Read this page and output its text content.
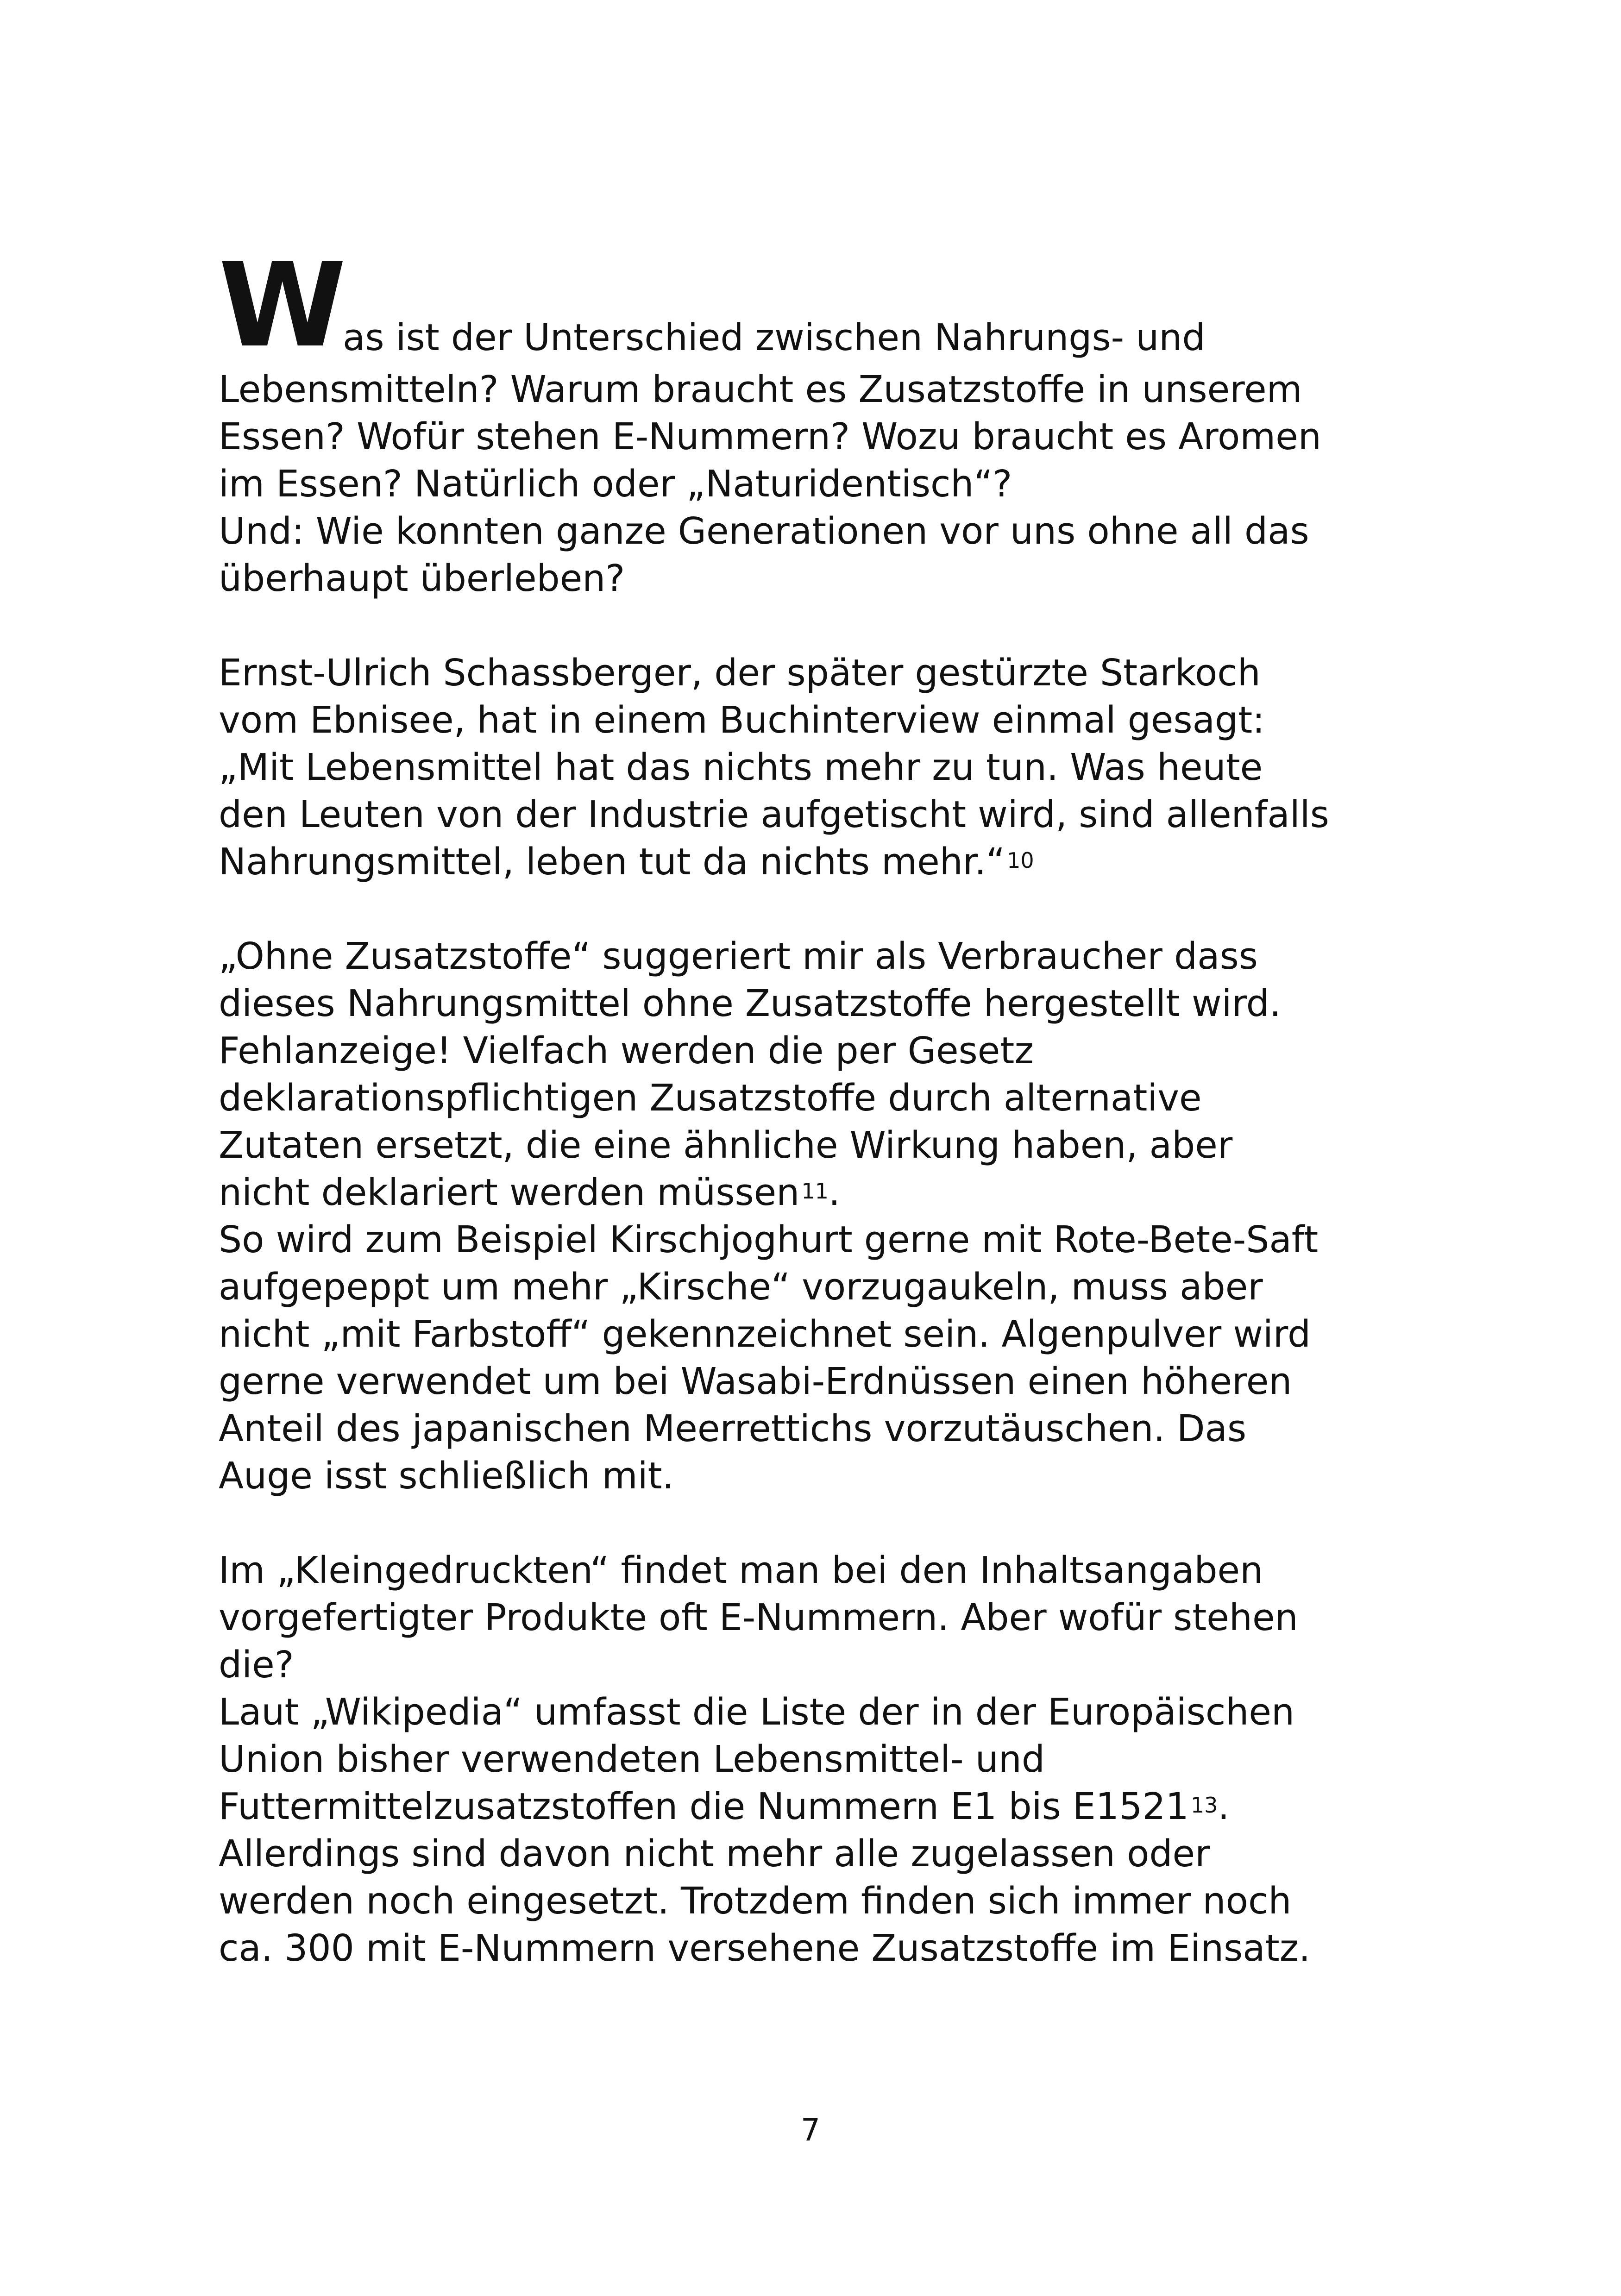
W as ist der Unterschied zwischen Nahrungs- und
Lebensmitteln? Warum braucht es Zusatzstoffe in unserem
Essen? Wofür stehen E-Nummern? Wozu braucht es Aromen
im Essen? Natürlich oder „Naturidentisch“?
Und: Wie konnten ganze Generationen vor uns ohne all das
überhaupt überleben?
Ernst-Ulrich Schassberger, der später gestürzte Starkoch
vom Ebnisee, hat in einem Buchinterview einmal gesagt:
„Mit Lebensmittel hat das nichts mehr zu tun. Was heute
den Leuten von der Industrie aufgetischt wird, sind allenfalls
Nahrungsmittel, leben tut da nichts mehr.“$^{10}$
„Ohne Zusatzstoffe“ suggeriert mir als Verbraucher dass
dieses Nahrungsmittel ohne Zusatzstoffe hergestellt wird.
Fehlanzeige! Vielfach werden die per Gesetz
deklarationspflichtigen Zusatzstoffe durch alternative
Zutaten ersetzt, die eine ähnliche Wirkung haben, aber
nicht deklariert werden müssen$^{11}$.
So wird zum Beispiel Kirschjoghurt gerne mit Rote-Bete-Saft
aufgepeppt um mehr „Kirsche“ vorzugaukeln, muss aber
nicht „mit Farbstoff“ gekennzeichnet sein. Algenpulver wird
gerne verwendet um bei Wasabi-Erdnüssen einen höheren
Anteil des japanischen Meerrettichs vorzutäuschen. Das
Auge isst schließlich mit.
Im „Kleingedruckten“ findet man bei den Inhaltsangaben
vorgefertigter Produkte oft E-Nummern. Aber wofür stehen
die?
Laut „Wikipedia“ umfasst die Liste der in der Europäischen
Union bisher verwendeten Lebensmittel- und
Futtermittelzusatzstoffen die Nummern E1 bis E1521$^{13}$.
Allerdings sind davon nicht mehr alle zugelassen oder
werden noch eingesetzt. Trotzdem finden sich immer noch
ca. 300 mit E-Nummern versehene Zusatzstoffe im Einsatz.
7
